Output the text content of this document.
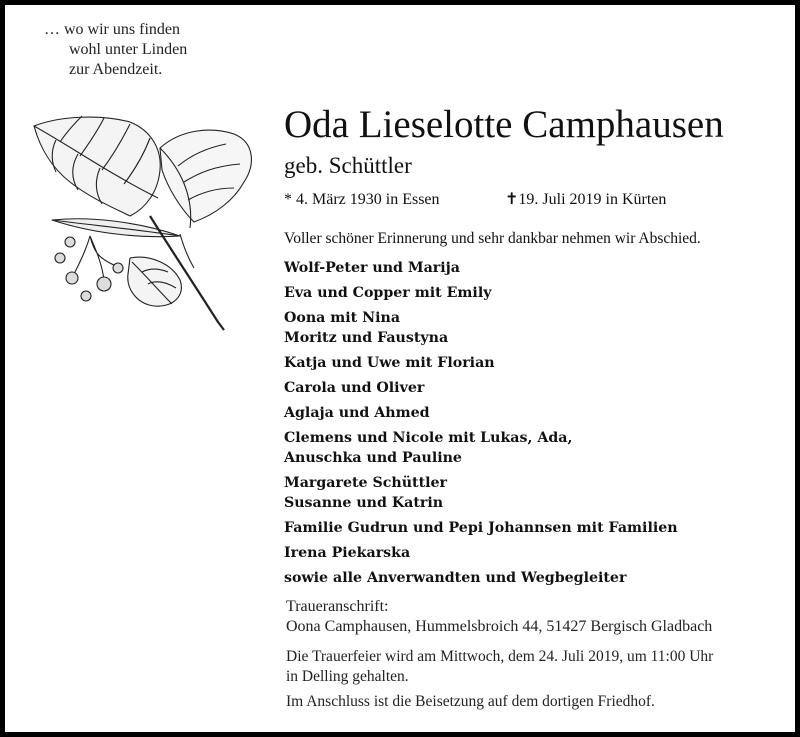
… wo wir uns finden
wohl unter Linden
zur Abendzeit.
Oda Lieselotte Camphausen
geb. Schüttler
* 4. März 1930 in Essen	✝19. Juli 2019 in Kürten
Voller schöner Erinnerung und sehr dankbar nehmen wir Abschied.
Wolf-Peter und Marija
Eva und Copper mit Emily
Oona mit Nina
Moritz und Faustyna
Katja und Uwe mit Florian
Carola und Oliver
Aglaja und Ahmed
Clemens und Nicole mit Lukas, Ada,
Anuschka und Pauline
Margarete Schüttler
Susanne und Katrin
Familie Gudrun und Pepi Johannsen mit Familien
Irena Piekarska
sowie alle Anverwandten und Wegbegleiter
Traueranschrift:
Oona Camphausen, Hummelsbroich 44, 51427 Bergisch Gladbach
Die Trauerfeier wird am Mittwoch, dem 24. Juli 2019, um 11:00 Uhr
in Delling gehalten.
Im Anschluss ist die Beisetzung auf dem dortigen Friedhof.
